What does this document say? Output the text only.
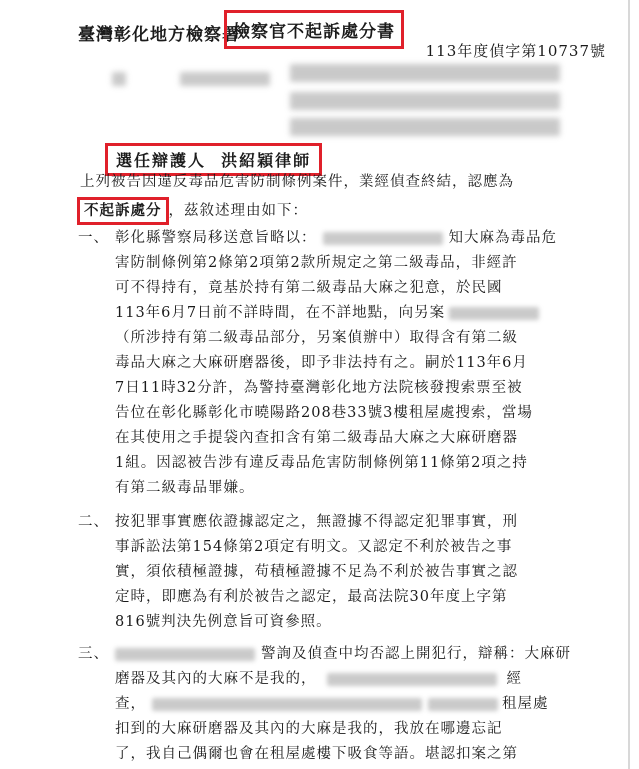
臺灣彰化地方檢察署
檢察官不起訴處分書
113年度偵字第10737號
選任辯護人 洪紹穎律師
上列被告因違反毒品危害防制條例案件，業經偵查終結，認應為
不起訴處分 ，茲敘述理由如下：
一、 彰化縣警察局移送意旨略以：	知大麻為毒品危
害防制條例第2條第2項第2款所規定之第二級毒品，非經許
可不得持有，竟基於持有第二級毒品大麻之犯意，於民國
113年6月7日前不詳時間，在不詳地點，向另案
（所涉持有第二級毒品部分，另案偵辦中）取得含有第二級
毒品大麻之大麻研磨器後，即予非法持有之。嗣於113年6月
7日11時32分許，為警持臺灣彰化地方法院核發搜索票至被
告位在彰化縣彰化市曉陽路208巷33號3樓租屋處搜索，當場
在其使用之手提袋內查扣含有第二級毒品大麻之大麻研磨器
1組。因認被告涉有違反毒品危害防制條例第11條第2項之持
有第二級毒品罪嫌。
二、 按犯罪事實應依證據認定之，無證據不得認定犯罪事實，刑
事訴訟法第154條第2項定有明文。又認定不利於被告之事
實，須依積極證據，苟積極證據不足為不利於被告事實之認
定時，即應為有利於被告之認定，最高法院30年度上字第
816號判決先例意旨可資參照。
三、	警詢及偵查中均否認上開犯行，辯稱：大麻研
磨器及其內的大麻不是我的，	經
查，	租屋處
扣到的大麻研磨器及其內的大麻是我的，我放在哪邊忘記
了，我自己偶爾也會在租屋處樓下吸食等語。堪認扣案之第
